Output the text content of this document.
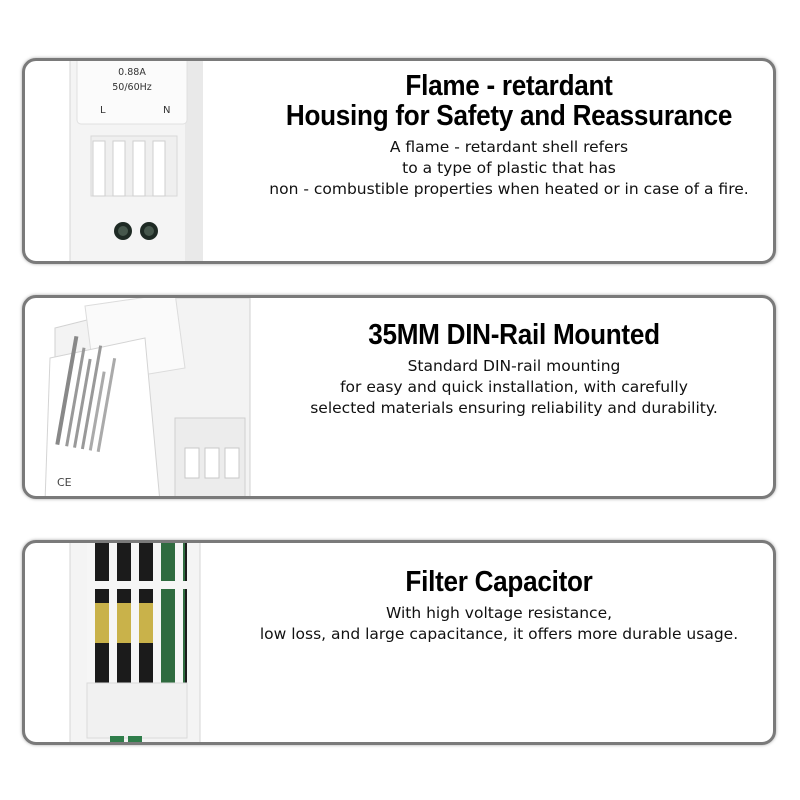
0.88A
50/60Hz
L	N
Flame - retardant
Housing for Safety and Reassurance

A flame - retardant shell refers
to a type of plastic that has
non - combustible properties when heated or in case of a fire.

CE
35MM DIN-Rail Mounted

Standard DIN-rail mounting
for easy and quick installation, with carefully
selected materials ensuring reliability and durability.

Filter Capacitor

With high voltage resistance,
low loss, and large capacitance, it offers more durable usage.
